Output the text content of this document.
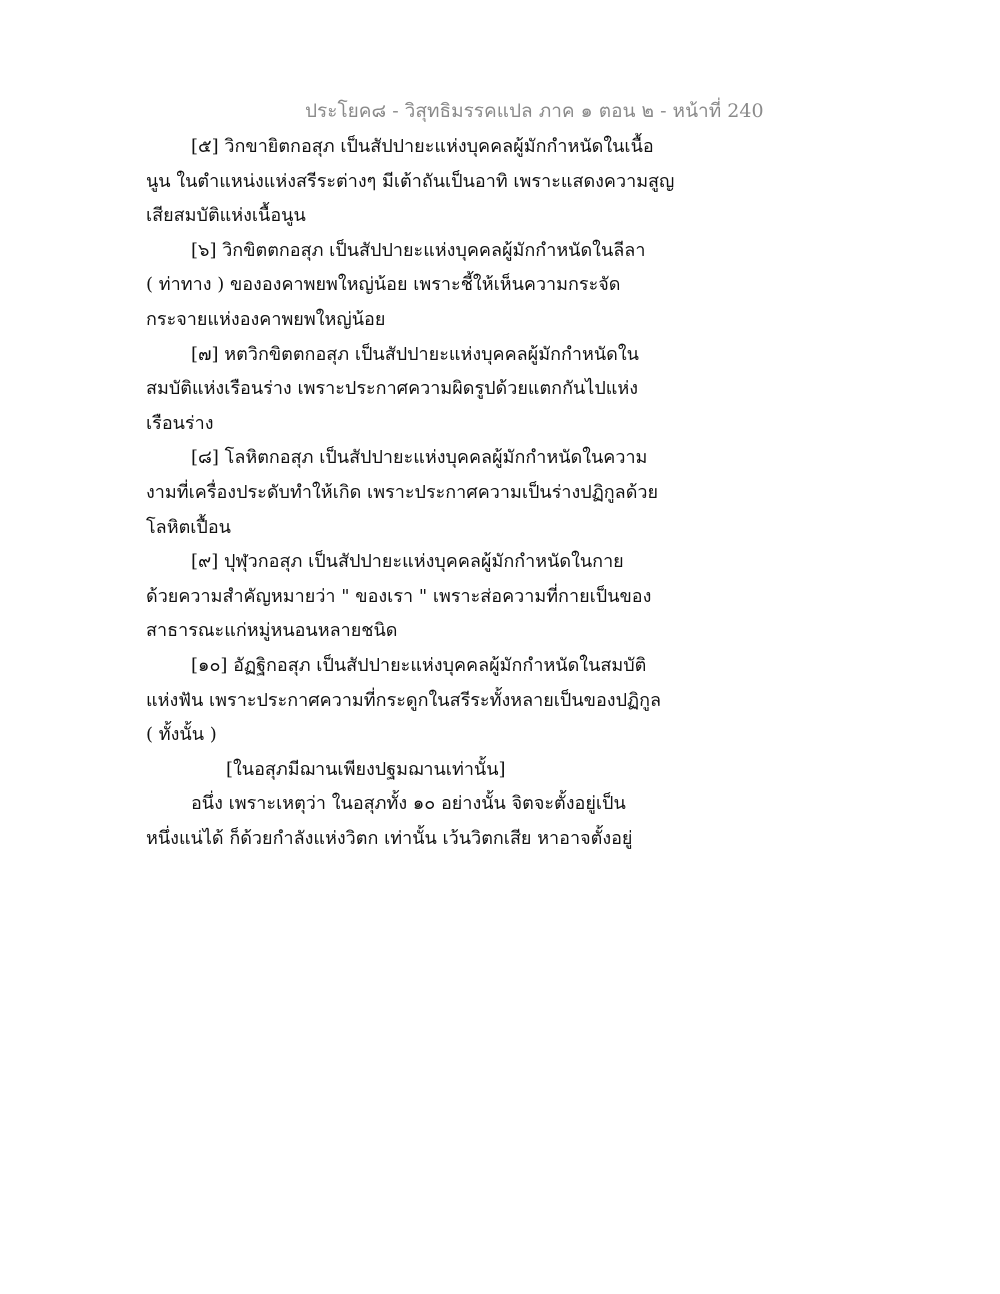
ประโยค๘ - วิสุทธิมรรคแปล ภาค ๑ ตอน ๒ - หน้าที่ 240
[๕] วิกขายิตกอสุภ เป็นสัปปายะแห่งบุคคลผู้มักกำหนัดในเนื้อ
นูน ในตำแหน่งแห่งสรีระต่างๆ มีเต้าถันเป็นอาทิ เพราะแสดงความสูญ
เสียสมบัติแห่งเนื้อนูน
[๖] วิกขิตตกอสุภ เป็นสัปปายะแห่งบุคคลผู้มักกำหนัดในลีลา
( ท่าทาง ) ขององคาพยพใหญ่น้อย เพราะชี้ให้เห็นความกระจัด
กระจายแห่งองคาพยพใหญ่น้อย
[๗] หตวิกขิตตกอสุภ เป็นสัปปายะแห่งบุคคลผู้มักกำหนัดใน
สมบัติแห่งเรือนร่าง เพราะประกาศความผิดรูปด้วยแตกกันไปแห่ง
เรือนร่าง
[๘] โลหิตกอสุภ เป็นสัปปายะแห่งบุคคลผู้มักกำหนัดในความ
งามที่เครื่องประดับทำให้เกิด เพราะประกาศความเป็นร่างปฏิกูลด้วย
โลหิตเปื้อน
[๙] ปุฬุวกอสุภ เป็นสัปปายะแห่งบุคคลผู้มักกำหนัดในกาย
ด้วยความสำคัญหมายว่า " ของเรา " เพราะส่อความที่กายเป็นของ
สาธารณะแก่หมู่หนอนหลายชนิด
[๑๐] อัฏฐิกอสุภ เป็นสัปปายะแห่งบุคคลผู้มักกำหนัดในสมบัติ
แห่งฟัน เพราะประกาศความที่กระดูกในสรีระทั้งหลายเป็นของปฏิกูล
( ทั้งนั้น )
[ในอสุภมีฌานเพียงปฐมฌานเท่านั้น]
อนึ่ง เพราะเหตุว่า ในอสุภทั้ง ๑๐ อย่างนั้น จิตจะตั้งอยู่เป็น
หนึ่งแน่ได้ ก็ด้วยกำลังแห่งวิตก เท่านั้น เว้นวิตกเสีย หาอาจตั้งอยู่
